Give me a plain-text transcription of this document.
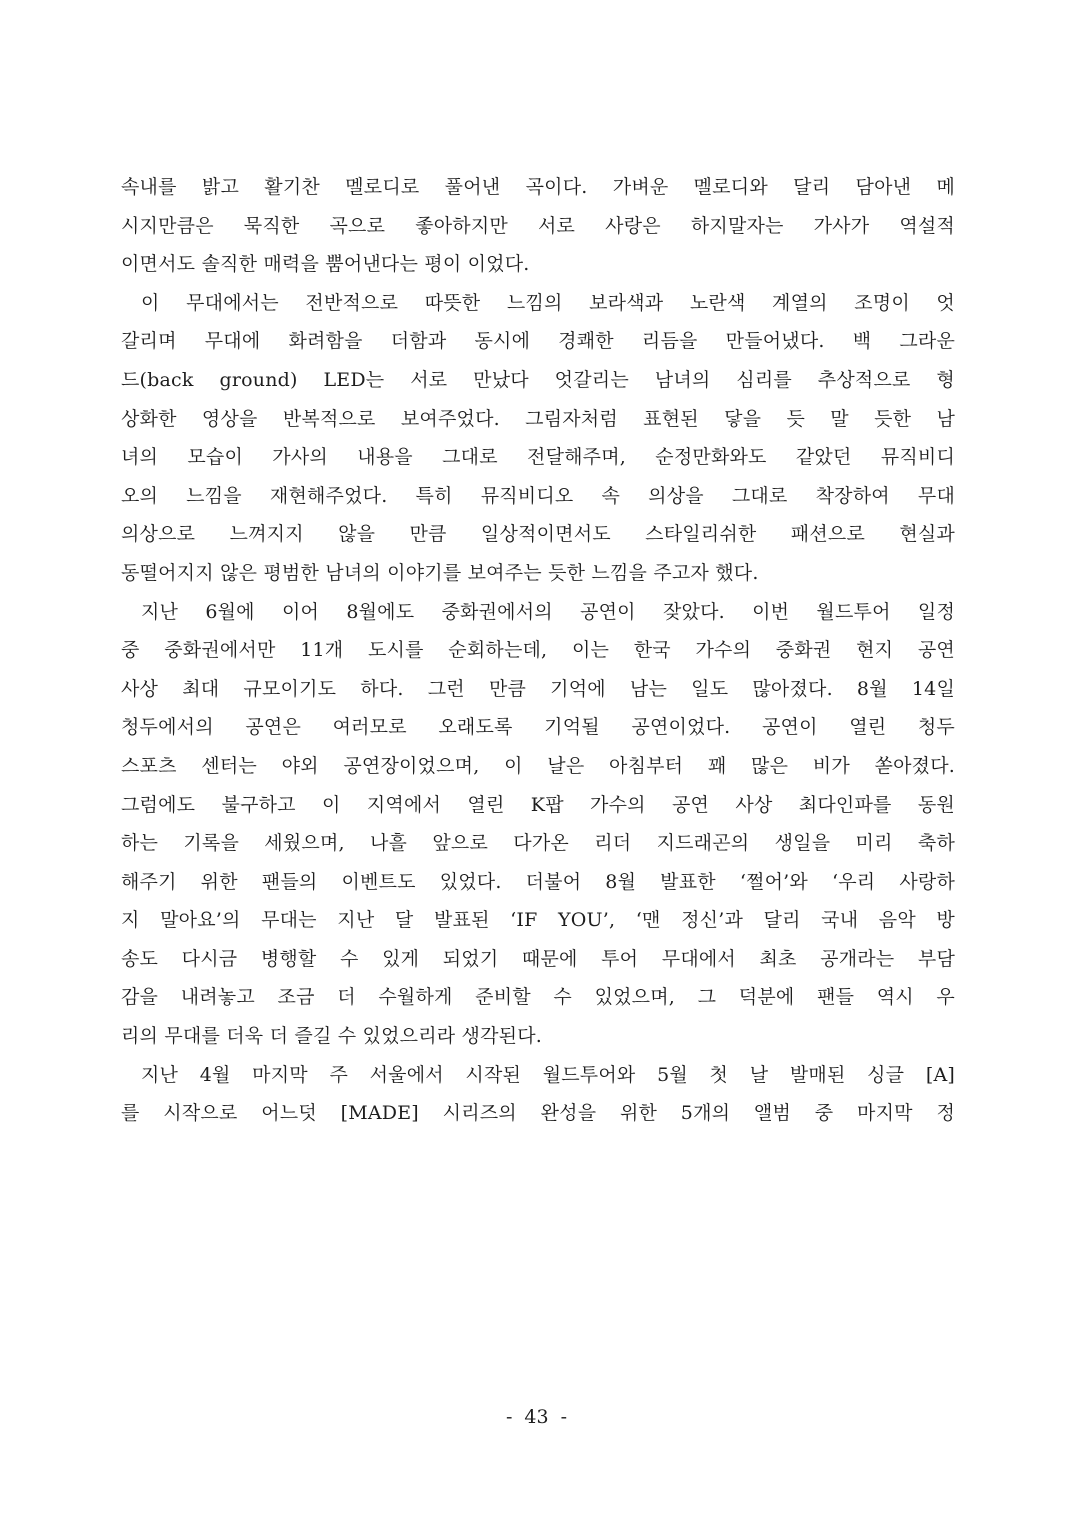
속내를 밝고 활기찬 멜로디로 풀어낸 곡이다. 가벼운 멜로디와 달리 담아낸 메
시지만큼은 묵직한 곡으로 좋아하지만 서로 사랑은 하지말자는 가사가 역설적
이면서도 솔직한 매력을 뿜어낸다는 평이 이었다.
이 무대에서는 전반적으로 따뜻한 느낌의 보라색과 노란색 계열의 조명이 엇
갈리며 무대에 화려함을 더함과 동시에 경쾌한 리듬을 만들어냈다. 백 그라운
드(back ground) LED는 서로 만났다 엇갈리는 남녀의 심리를 추상적으로 형
상화한 영상을 반복적으로 보여주었다. 그림자처럼 표현된 닿을 듯 말 듯한 남
녀의 모습이 가사의 내용을 그대로 전달해주며, 순정만화와도 같았던 뮤직비디
오의 느낌을 재현해주었다. 특히 뮤직비디오 속 의상을 그대로 착장하여 무대
의상으로 느껴지지 않을 만큼 일상적이면서도 스타일리쉬한 패션으로 현실과
동떨어지지 않은 평범한 남녀의 이야기를 보여주는 듯한 느낌을 주고자 했다.
지난 6월에 이어 8월에도 중화권에서의 공연이 잦았다. 이번 월드투어 일정
중 중화권에서만 11개 도시를 순회하는데, 이는 한국 가수의 중화권 현지 공연
사상 최대 규모이기도 하다. 그런 만큼 기억에 남는 일도 많아졌다. 8월 14일
청두에서의 공연은 여러모로 오래도록 기억될 공연이었다. 공연이 열린 청두
스포츠 센터는 야외 공연장이었으며, 이 날은 아침부터 꽤 많은 비가 쏟아졌다.
그럼에도 불구하고 이 지역에서 열린 K팝 가수의 공연 사상 최다인파를 동원
하는 기록을 세웠으며, 나흘 앞으로 다가온 리더 지드래곤의 생일을 미리 축하
해주기 위한 팬들의 이벤트도 있었다. 더불어 8월 발표한 ‘쩔어’와 ‘우리 사랑하
지 말아요’의 무대는 지난 달 발표된 ‘IF YOU’, ‘맨 정신’과 달리 국내 음악 방
송도 다시금 병행할 수 있게 되었기 때문에 투어 무대에서 최초 공개라는 부담
감을 내려놓고 조금 더 수월하게 준비할 수 있었으며, 그 덕분에 팬들 역시 우
리의 무대를 더욱 더 즐길 수 있었으리라 생각된다.
지난 4월 마지막 주 서울에서 시작된 월드투어와 5월 첫 날 발매된 싱글 [A]
를 시작으로 어느덧 [MADE] 시리즈의 완성을 위한 5개의 앨범 중 마지막 정
- 43 -
